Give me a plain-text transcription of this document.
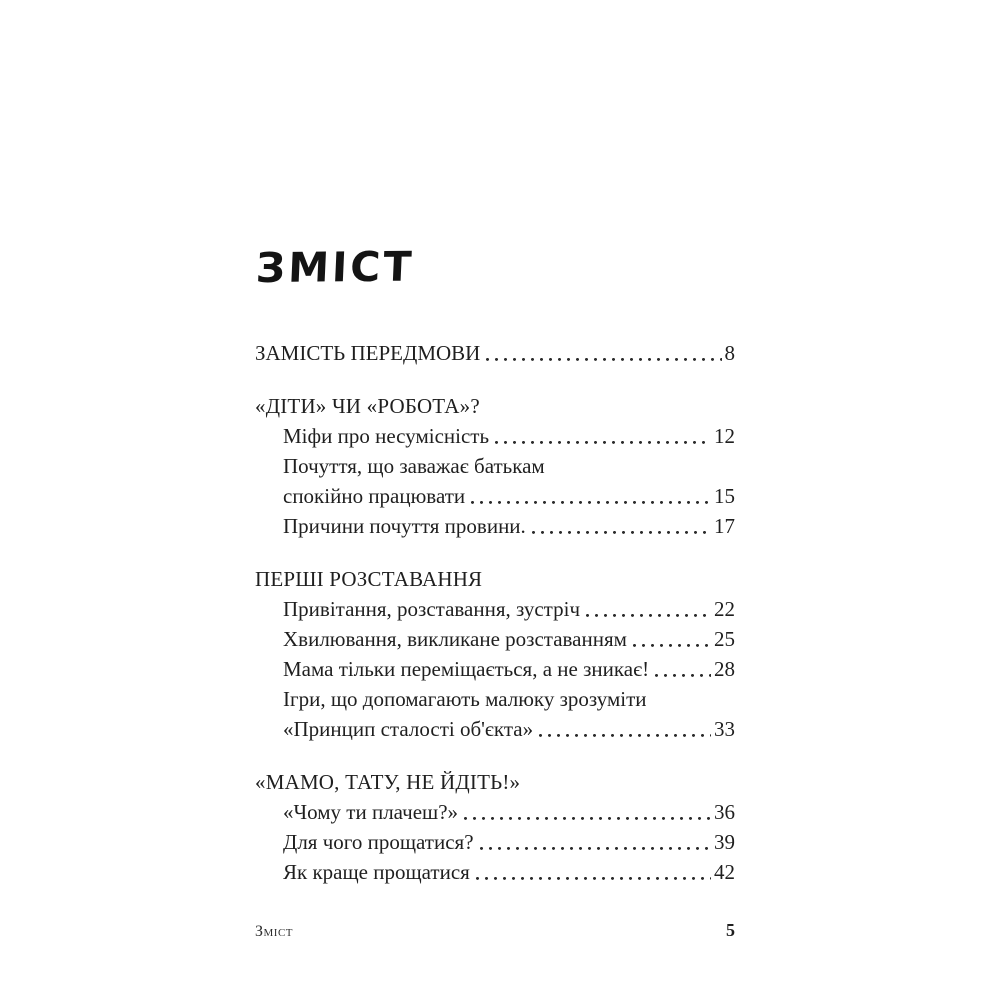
ЗМІСТ
ЗАМІСТЬ ПЕРЕДМОВИ	8
«ДІТИ» ЧИ «РОБОТА»?
Міфи про несумісність	12
Почуття, що заважає батькам
спокійно працювати	15
Причини почуття провини.	17
ПЕРШІ РОЗСТАВАННЯ
Привітання, розставання, зустріч	22
Хвилювання, викликане розставанням	25
Мама тільки переміщається, а не зникає!	28
Ігри, що допомагають малюку зрозуміти
«Принцип сталості об'єкта»	33
«МАМО, ТАТУ, НЕ ЙДІТЬ!»
«Чому ти плачеш?»	36
Для чого прощатися?	39
Як краще прощатися	42
Зміст	5
